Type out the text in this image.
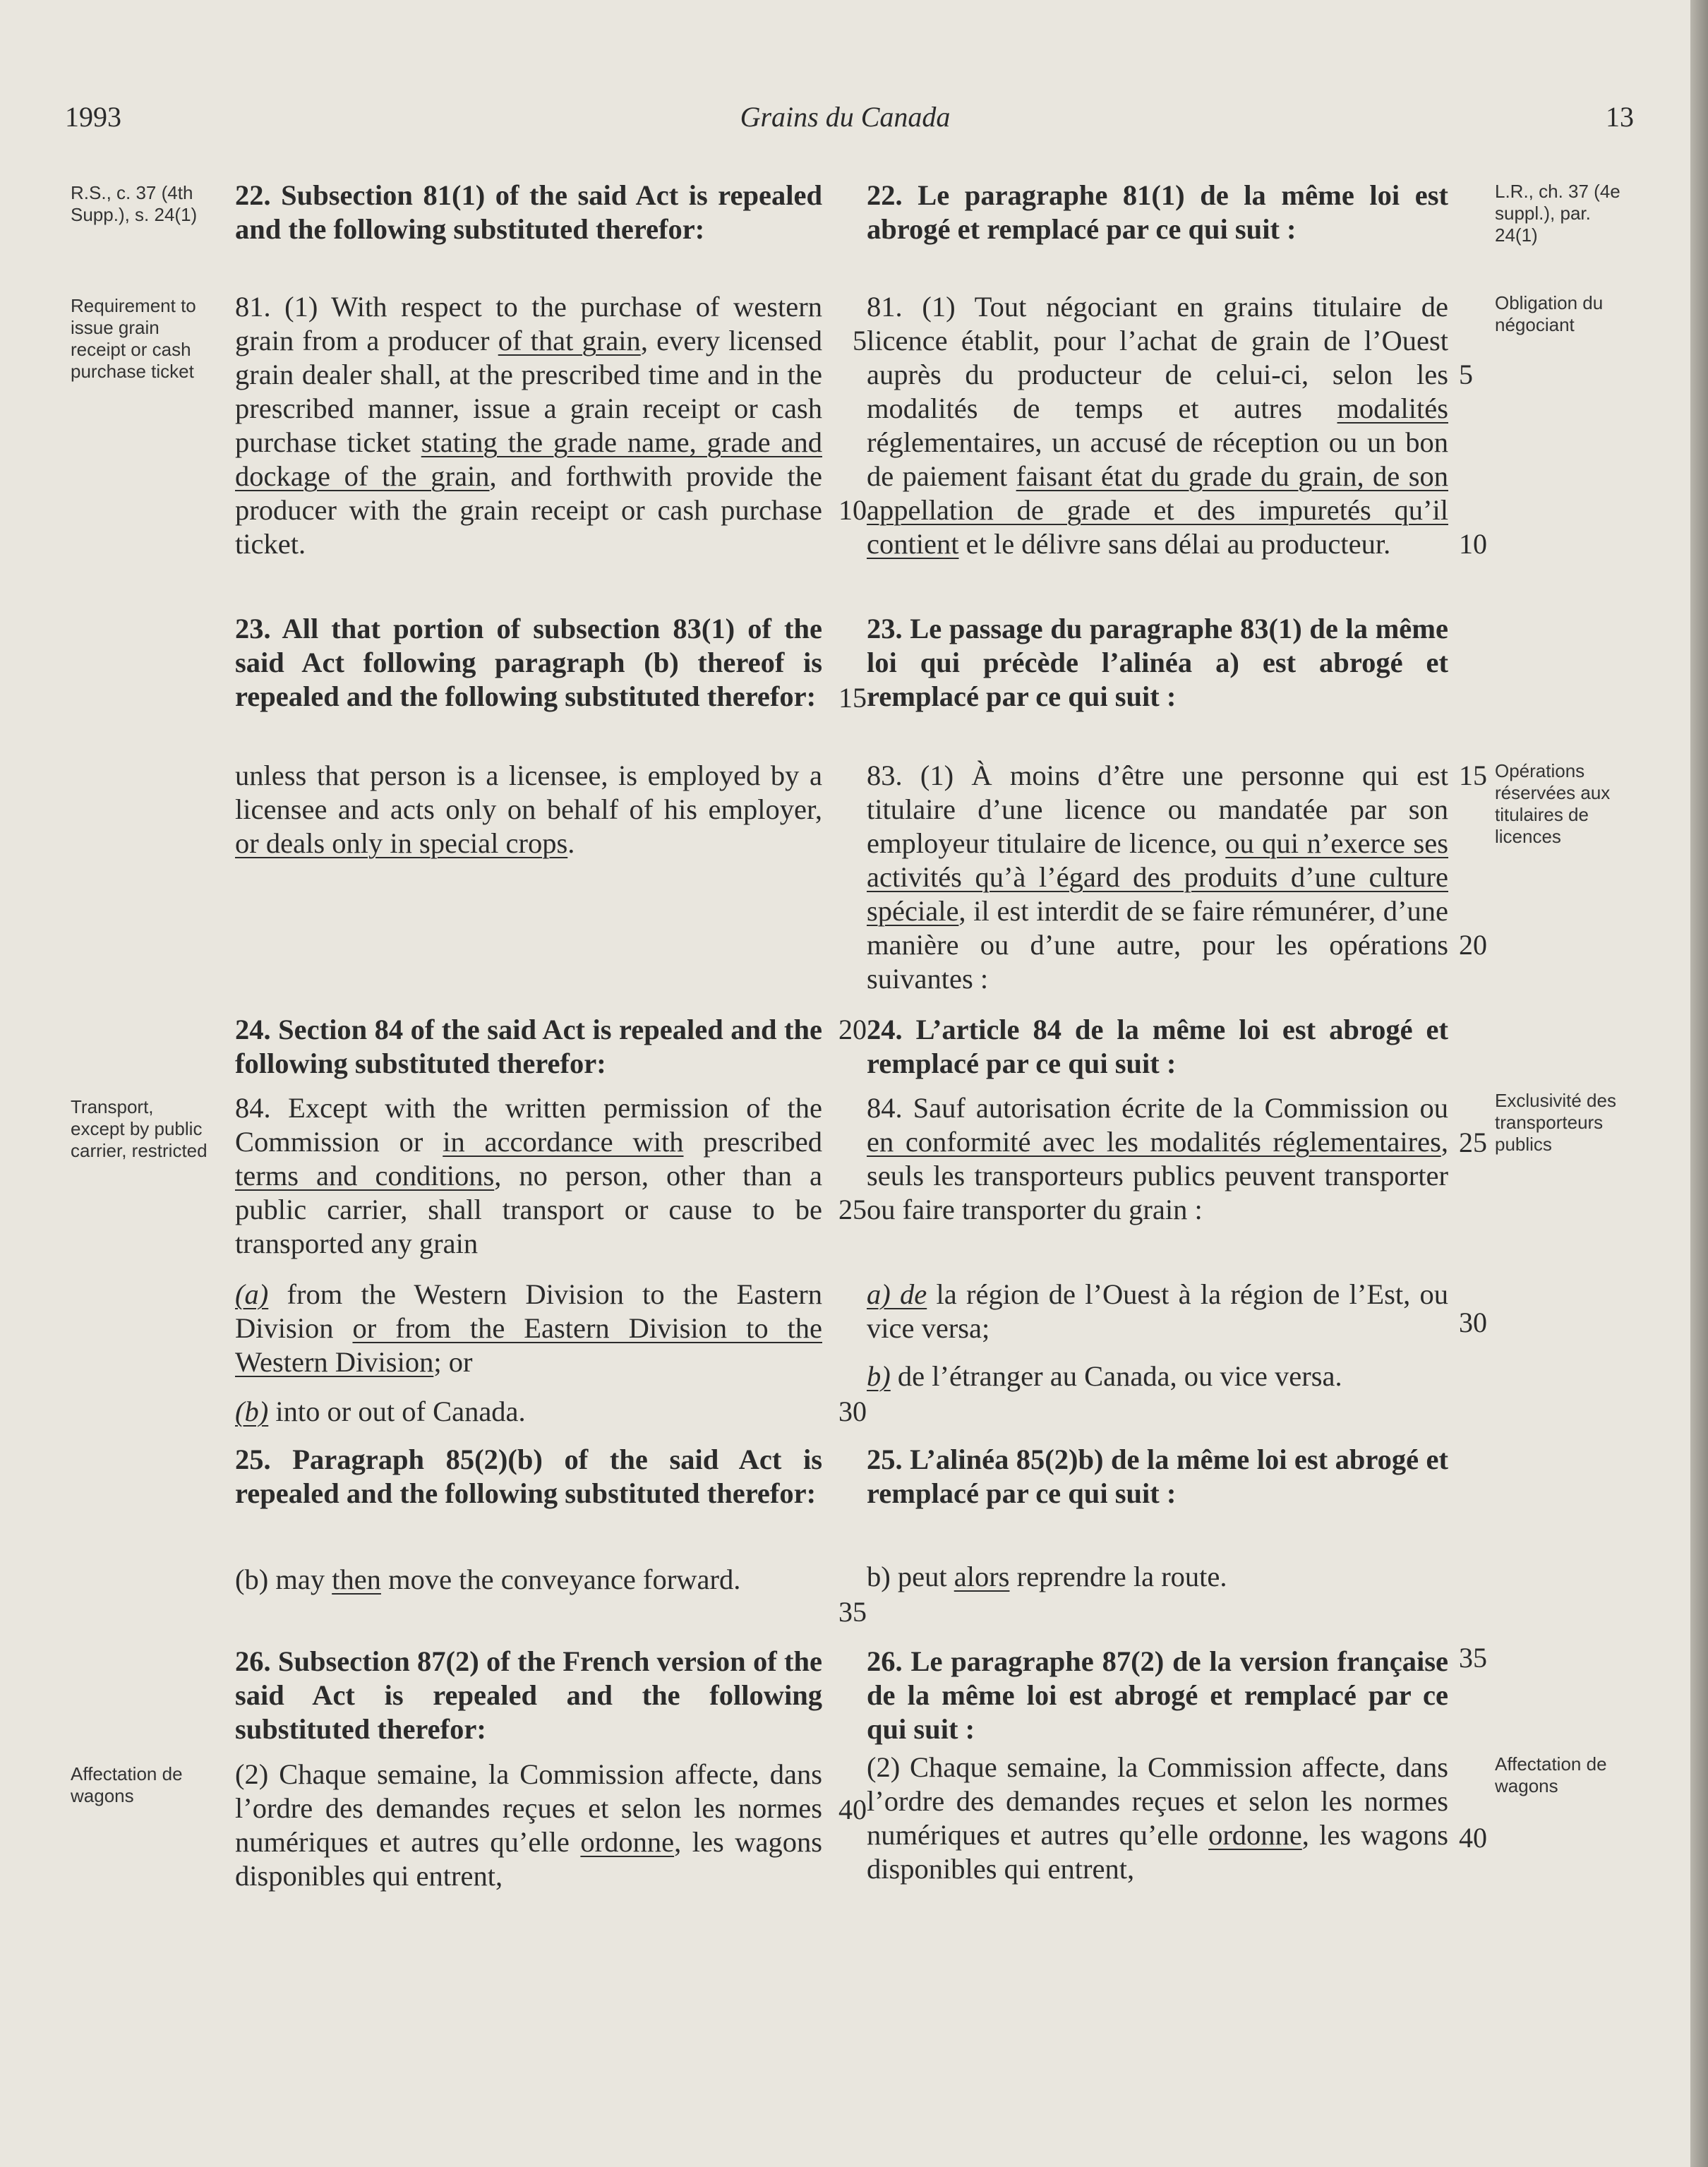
1993	Grains du Canada	13
R.S., c. 37 (4th Supp.), s. 24(1)
Requirement to issue grain receipt or cash purchase ticket
Transport, except by public carrier, restricted
Affectation de wagons
L.R., ch. 37 (4e suppl.), par. 24(1)
Obligation du négociant
Opérations réservées aux titulaires de licences
Exclusivité des transporteurs publics
Affectation de wagons
5
10
15
20
25
30
35
40
5
10
15
20
25
30
35
40

22. Subsection 81(1) of the said Act is repealed and the following substituted therefor:

81. (1) With respect to the purchase of western grain from a producer of that grain, every licensed grain dealer shall, at the prescribed time and in the prescribed manner, issue a grain receipt or cash purchase ticket stating the grade name, grade and dockage of the grain, and forthwith provide the producer with the grain receipt or cash purchase ticket.

23. All that portion of subsection 83(1) of the said Act following paragraph (b) thereof is repealed and the following substituted therefor:

unless that person is a licensee, is employed by a licensee and acts only on behalf of his employer, or deals only in special crops.

24. Section 84 of the said Act is repealed and the following substituted therefor:

84. Except with the written permission of the Commission or in accordance with prescribed terms and conditions, no person, other than a public carrier, shall transport or cause to be transported any grain

(a) from the Western Division to the Eastern Division or from the Eastern Division to the Western Division; or

(b) into or out of Canada.

25. Paragraph 85(2)(b) of the said Act is repealed and the following substituted therefor:

(b) may then move the conveyance forward.

26. Subsection 87(2) of the French version of the said Act is repealed and the following substituted therefor:

(2) Chaque semaine, la Commission affecte, dans l’ordre des demandes reçues et selon les normes numériques et autres qu’elle ordonne, les wagons disponibles qui entrent,

22. Le paragraphe 81(1) de la même loi est abrogé et remplacé par ce qui suit :

81. (1) Tout négociant en grains titulaire de licence établit, pour l’achat de grain de l’Ouest auprès du producteur de celui-ci, selon les modalités de temps et autres modalités réglementaires, un accusé de réception ou un bon de paiement faisant état du grade du grain, de son appellation de grade et des impuretés qu’il contient et le délivre sans délai au producteur.

23. Le passage du paragraphe 83(1) de la même loi qui précède l’alinéa a) est abrogé et remplacé par ce qui suit :

83. (1) À moins d’être une personne qui est titulaire d’une licence ou mandatée par son employeur titulaire de licence, ou qui n’exerce ses activités qu’à l’égard des produits d’une culture spéciale, il est interdit de se faire rémunérer, d’une manière ou d’une autre, pour les opérations suivantes :

24. L’article 84 de la même loi est abrogé et remplacé par ce qui suit :

84. Sauf autorisation écrite de la Commission ou en conformité avec les modalités réglementaires, seuls les transporteurs publics peuvent transporter ou faire transporter du grain :

a) de la région de l’Ouest à la région de l’Est, ou vice versa;

b) de l’étranger au Canada, ou vice versa.

25. L’alinéa 85(2)b) de la même loi est abrogé et remplacé par ce qui suit :

b) peut alors reprendre la route.

26. Le paragraphe 87(2) de la version française de la même loi est abrogé et remplacé par ce qui suit :

(2) Chaque semaine, la Commission affecte, dans l’ordre des demandes reçues et selon les normes numériques et autres qu’elle ordonne, les wagons disponibles qui entrent,
